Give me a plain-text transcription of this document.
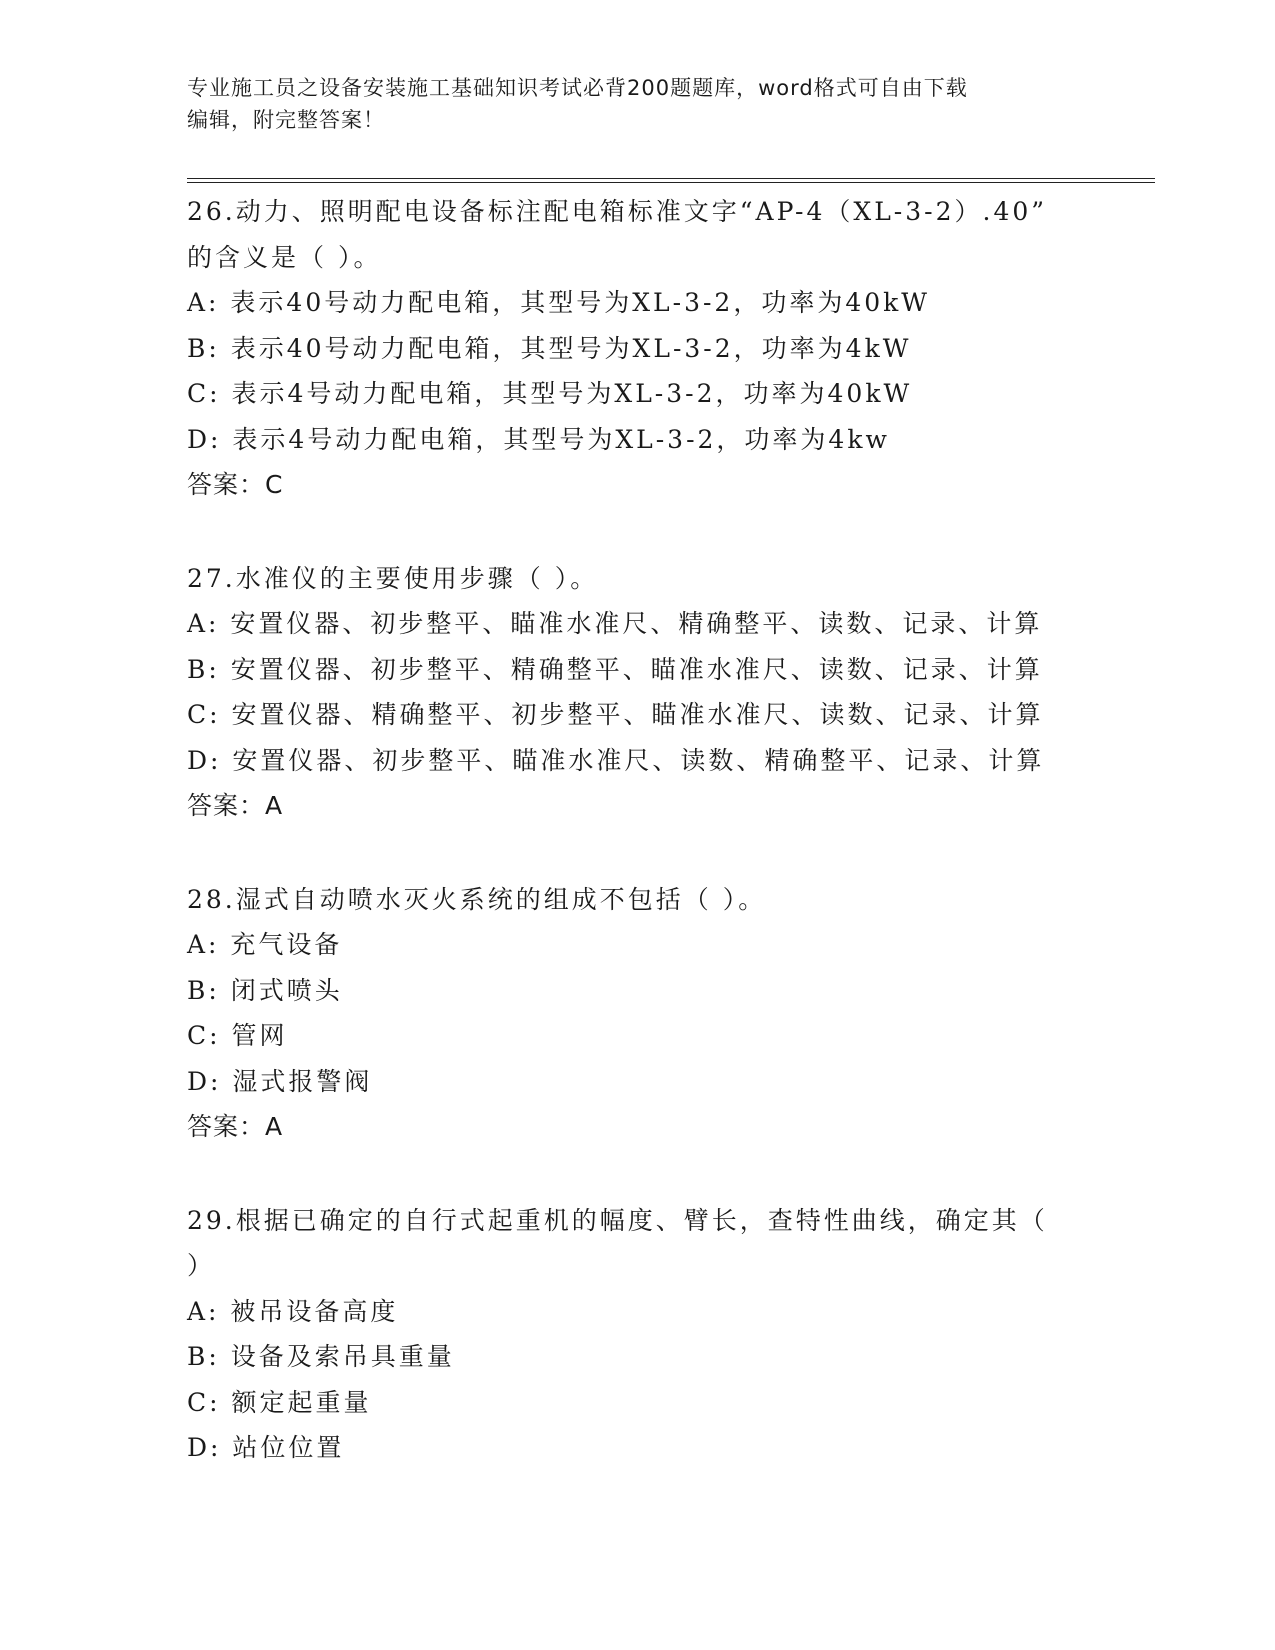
专业施工员之设备安装施工基础知识考试必背200题题库，word格式可自由下载
编辑，附完整答案！
26.动力、照明配电设备标注配电箱标准文字“AP-4（XL-3-2）.40”
的含义是（ ）。
A: 表示40号动力配电箱，其型号为XL-3-2，功率为40kW
B: 表示40号动力配电箱，其型号为XL-3-2，功率为4kW
C: 表示4号动力配电箱，其型号为XL-3-2，功率为40kW
D: 表示4号动力配电箱，其型号为XL-3-2，功率为4kw
答案：C
27.水准仪的主要使用步骤（ ）。
A: 安置仪器、初步整平、瞄准水准尺、精确整平、读数、记录、计算
B: 安置仪器、初步整平、精确整平、瞄准水准尺、读数、记录、计算
C: 安置仪器、精确整平、初步整平、瞄准水准尺、读数、记录、计算
D: 安置仪器、初步整平、瞄准水准尺、读数、精确整平、记录、计算
答案：A
28.湿式自动喷水灭火系统的组成不包括（ ）。
A: 充气设备
B: 闭式喷头
C: 管网
D: 湿式报警阀
答案：A
29.根据已确定的自行式起重机的幅度、臂长，查特性曲线，确定其（
）
A: 被吊设备高度
B: 设备及索吊具重量
C: 额定起重量
D: 站位位置
